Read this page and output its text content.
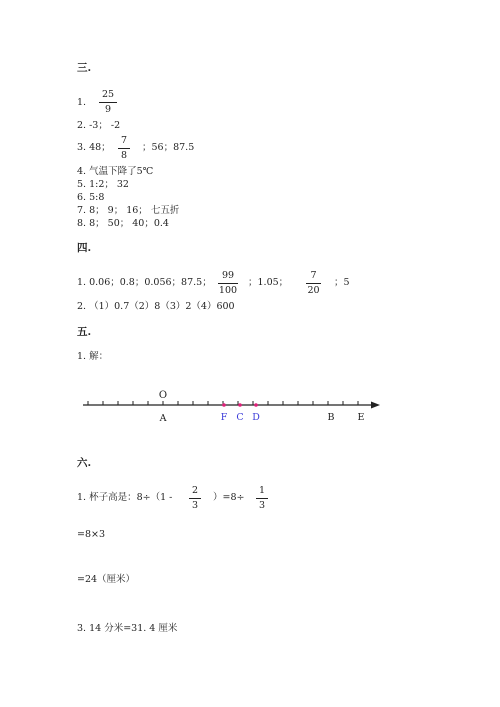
三.
1. $\frac{25}{9}$
2. -3； -2
3. 48； $\frac{7}{8}$ ；56；87.5
4. 气温下降了5℃
5. 1:2； 32
6. 5:8
7. 8； 9； 16； 七五折
8. 8； 50； 40；0.4
四.
1. 0.06；0.8；0.056；87.5； $\frac{99}{100}$ ；1.05； $\frac{7}{20}$ ；5
2. （1）0.7（2）8（3）2（4）600
五.
1. 解：
O
A	F C D	B E
六.
1. 杯子高是：$8\div(1 - \frac{2}{3} )=8\div \frac{1}{3}$
=8×3
=24（厘米）
3. 14 分米=31. 4 厘米
